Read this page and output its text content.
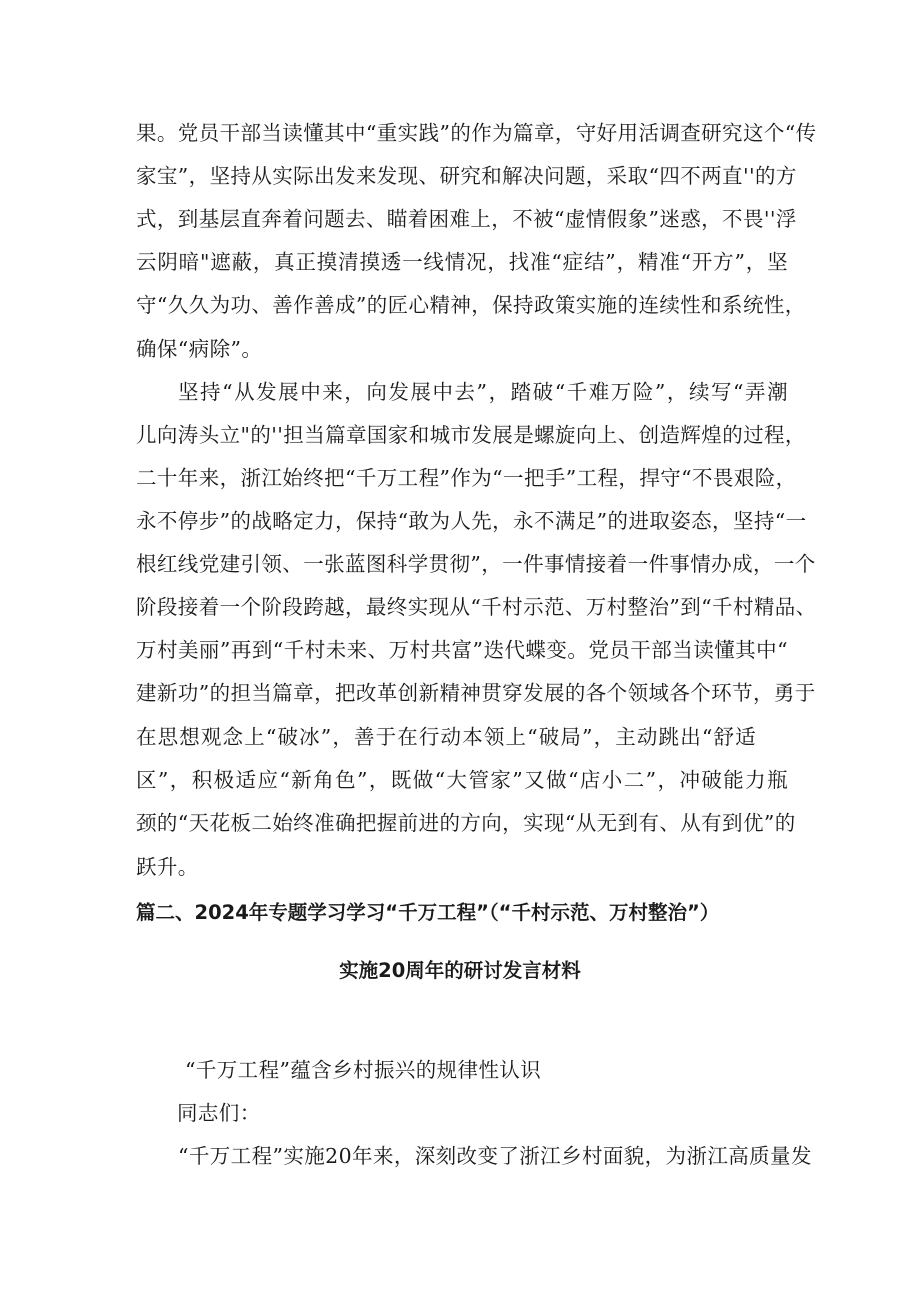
果。党员干部当读懂其中“重实践”的作为篇章，守好用活调查研究这个“传
家宝”，坚持从实际出发来发现、研究和解决问题，采取“四不两直''的方
式，到基层直奔着问题去、瞄着困难上，不被“虚情假象”迷惑，不畏''浮
云阴暗"遮蔽，真正摸清摸透一线情况，找准“症结”，精准“开方”，坚
守“久久为功、善作善成”的匠心精神，保持政策实施的连续性和系统性，
确保“病除”。
坚持“从发展中来，向发展中去”，踏破“千难万险”，续写“弄潮
儿向涛头立"的''担当篇章国家和城市发展是螺旋向上、创造辉煌的过程，
二十年来，浙江始终把“千万工程”作为“一把手”工程，捍守“不畏艰险，
永不停步”的战略定力，保持“敢为人先，永不满足”的进取姿态，坚持“一
根红线党建引领、一张蓝图科学贯彻”，一件事情接着一件事情办成，一个
阶段接着一个阶段跨越，最终实现从“千村示范、万村整治”到“千村精品、
万村美丽”再到“千村未来、万村共富”迭代蝶变。党员干部当读懂其中“
建新功”的担当篇章，把改革创新精神贯穿发展的各个领域各个环节，勇于
在思想观念上“破冰”，善于在行动本领上“破局”，主动跳出“舒适
区”，积极适应“新角色”，既做“大管家”又做“店小二”，冲破能力瓶
颈的“天花板二始终准确把握前进的方向，实现“从无到有、从有到优”的
跃升。
篇二、2024年专题学习学习“千万工程”（“千村示范、万村整治”）
实施20周年的研讨发言材料
“千万工程”蕴含乡村振兴的规律性认识
同志们：
“千万工程”实施20年来，深刻改变了浙江乡村面貌，为浙江高质量发
